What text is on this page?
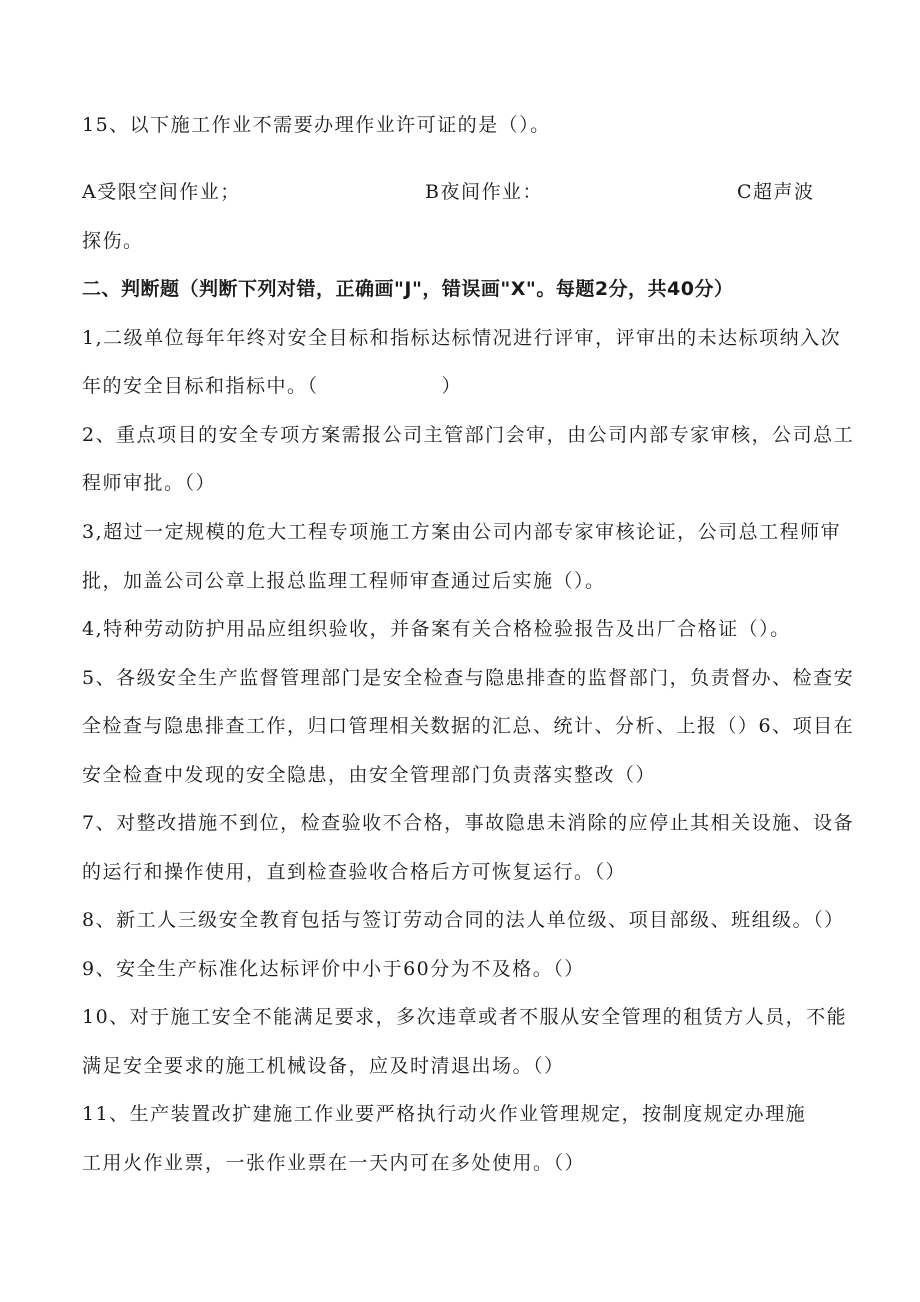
15、以下施工作业不需要办理作业许可证的是（）。
A受限空间作业；	B夜间作业：	C超声波
探伤。
二、判断题（判断下列对错，正确画"J"，错误画"X"。每题2分，共40分）
1,二级单位每年年终对安全目标和指标达标情况进行评审，评审出的未达标项纳入次
年的安全目标和指标中。（　　　　　　）
2、重点项目的安全专项方案需报公司主管部门会审，由公司内部专家审核，公司总工
程师审批。（）
3,超过一定规模的危大工程专项施工方案由公司内部专家审核论证，公司总工程师审
批，加盖公司公章上报总监理工程师审查通过后实施（）。
4,特种劳动防护用品应组织验收，并备案有关合格检验报告及出厂合格证（）。
5、各级安全生产监督管理部门是安全检查与隐患排查的监督部门，负责督办、检查安
全检查与隐患排查工作，归口管理相关数据的汇总、统计、分析、上报（）6、项目在
安全检查中发现的安全隐患，由安全管理部门负责落实整改（）
7、对整改措施不到位，检查验收不合格，事故隐患未消除的应停止其相关设施、设备
的运行和操作使用，直到检查验收合格后方可恢复运行。（）
8、新工人三级安全教育包括与签订劳动合同的法人单位级、项目部级、班组级。（）
9、安全生产标准化达标评价中小于60分为不及格。（）
10、对于施工安全不能满足要求，多次违章或者不服从安全管理的租赁方人员，不能
满足安全要求的施工机械设备，应及时清退出场。（）
11、生产装置改扩建施工作业要严格执行动火作业管理规定，按制度规定办理施
工用火作业票，一张作业票在一天内可在多处使用。（）
